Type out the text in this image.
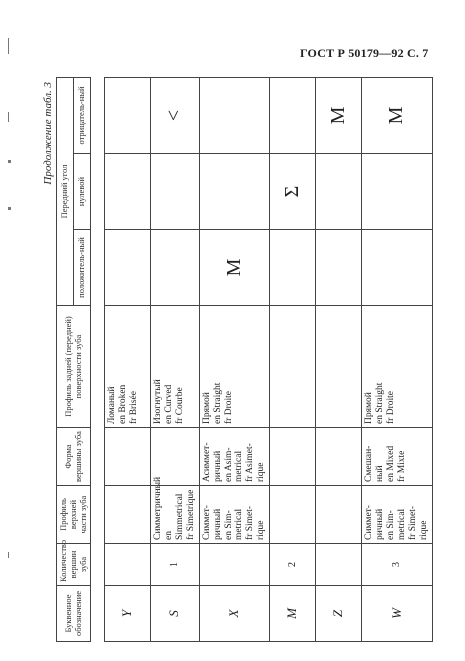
ГОСТ Р 50179—92 С. 7
Продолжение табл. 3
Буквенное обозначение	Количество вершин зуба	Профиль верхней части зуба	Форма вершины зуба	Профиль задней (передней) поверхности зуба	Передний угол		
					положитель-ный	нулевой	отрицатель-ный
Y				Ломаный en Broken fr Brisée			

S	1	Симметричный en Simmetrical fr Simetrique		Изогнутый en Curved fr Courbe			<

X		Симмет-ричный en Sim-metrical fr Simet-rique	Асиммет-ричный en Asim-metrical fr Asimet-rique	Прямой en Straight fr Droite	M		

M	2					Σ	

Z							M

W	3	Симмет-ричный en Sim-metrical fr Simet-rique	Смешан-ный en Mixed fr Mixte	Прямой en Straight fr Droite			M
